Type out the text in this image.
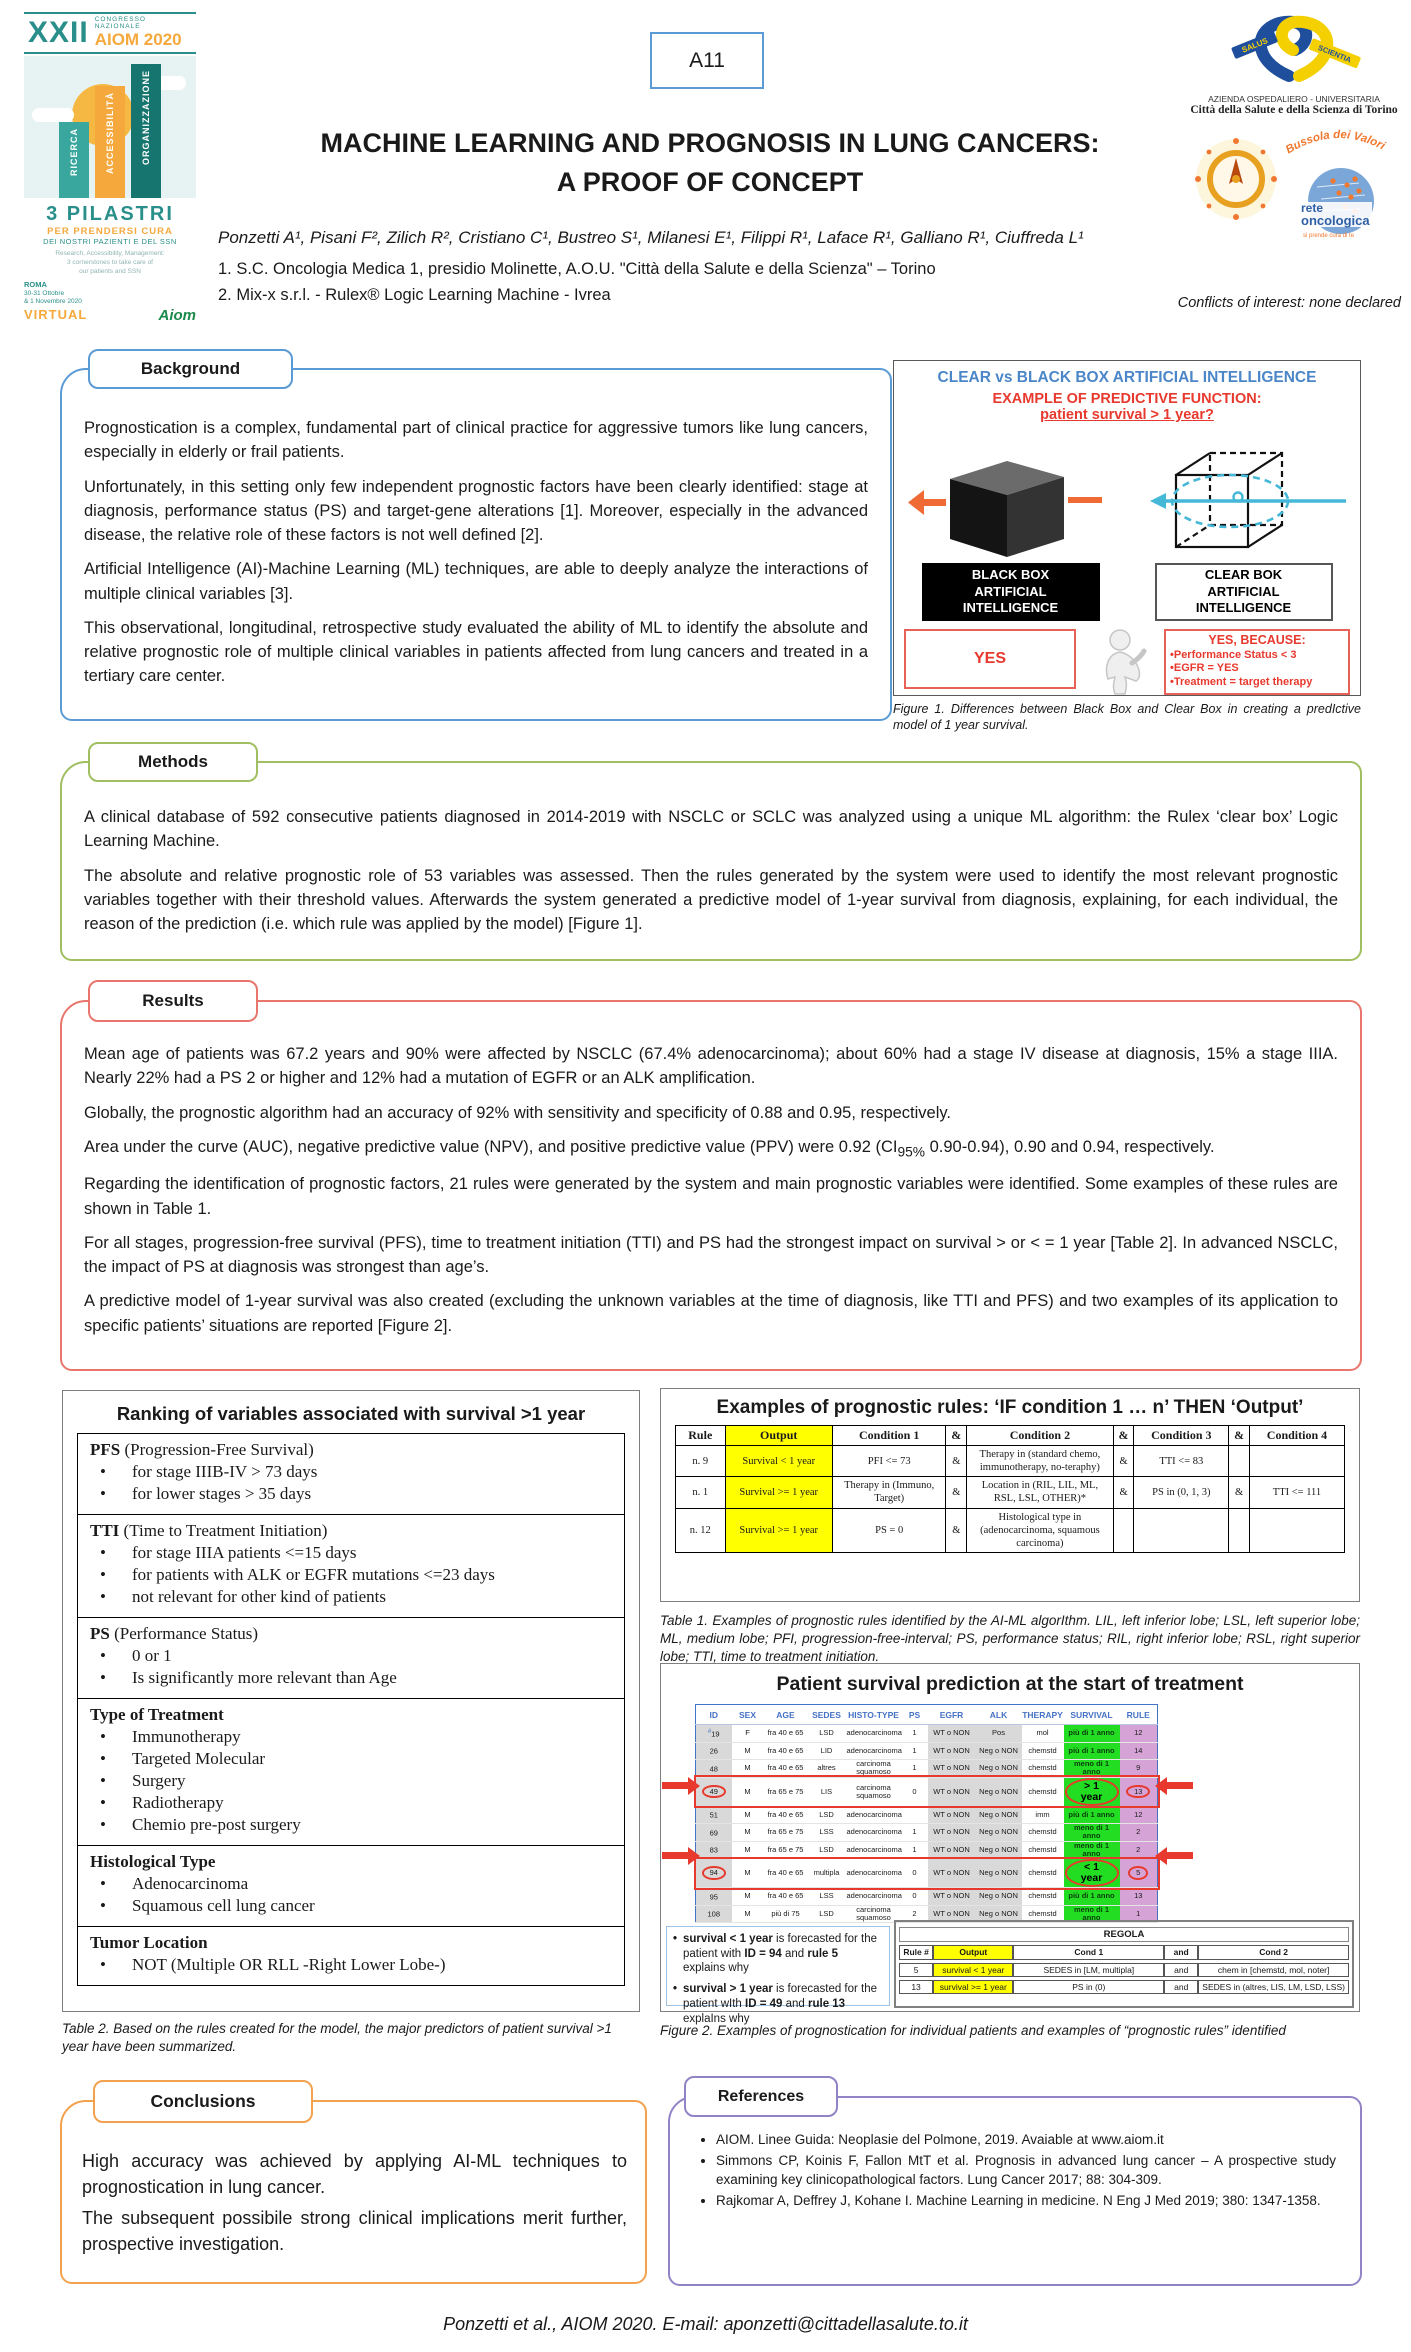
A11
MACHINE LEARNING AND PROGNOSIS IN LUNG CANCERS:
A PROOF OF CONCEPT
Ponzetti A¹, Pisani F², Zilich R², Cristiano C¹, Bustreo S¹, Milanesi E¹, Filippi R¹, Laface R¹, Galliano R¹, Ciuffreda L¹
1. S.C. Oncologia Medica 1, presidio Molinette, A.O.U. "Città della Salute e della Scienza" – Torino
2. Mix-x s.r.l. - Rulex® Logic Learning Machine - Ivrea	Conflicts of interest: none declared
XXII CONGRESSO NAZIONALE
AIOM 2020
RICERCA	ACCESSIBILITÀ	ORGANIZZAZIONE
3 PILASTRI
PER PRENDERSI CURA
DEI NOSTRI PAZIENTI E DEL SSN
Research, Accessibility, Management:
3 cornerstones to take care of
our patients and SSN
ROMA
30-31 Ottobre
& 1 Novembre 2020
VIRTUAL	Aiom
SALUS	SCIENTIA
AZIENDA OSPEDALIERO - UNIVERSITARIA
Città della Salute e della Scienza di Torino
Bussola dei Valori
rete
oncologica
si prende cura di te
Background

Prognostication is a complex, fundamental part of clinical practice for aggressive tumors like lung cancers, especially in elderly or frail patients.

Unfortunately, in this setting only few independent prognostic factors have been clearly identified: stage at diagnosis, performance status (PS) and target-gene alterations [1]. Moreover, especially in the advanced disease, the relative role of these factors is not well defined [2].

Artificial Intelligence (AI)-Machine Learning (ML) techniques, are able to deeply analyze the interactions of multiple clinical variables [3].

This observational, longitudinal, retrospective study evaluated the ability of ML to identify the absolute and relative prognostic role of multiple clinical variables in patients affected from lung cancers and treated in a tertiary care center.

CLEAR vs BLACK BOX ARTIFICIAL INTELLIGENCE
EXAMPLE OF PREDICTIVE FUNCTION:
patient survival > 1 year?
BLACK BOX ARTIFICIAL INTELLIGENCE
CLEAR BOK ARTIFICIAL INTELLIGENCE
YES
YES, BECAUSE:
•Performance Status < 3
•EGFR = YES
•Treatment = target therapy
Figure 1. Differences between Black Box and Clear Box in creating a predIctive model of 1 year survival.
Methods

A clinical database of 592 consecutive patients diagnosed in 2014-2019 with NSCLC or SCLC was analyzed using a unique ML algorithm: the Rulex ‘clear box’ Logic Learning Machine.

The absolute and relative prognostic role of 53 variables was assessed. Then the rules generated by the system were used to identify the most relevant prognostic variables together with their threshold values. Afterwards the system generated a predictive model of 1-year survival from diagnosis, explaining, for each individual, the reason of the prediction (i.e. which rule was applied by the model) [Figure 1].

Results

Mean age of patients was 67.2 years and 90% were affected by NSCLC (67.4% adenocarcinoma); about 60% had a stage IV disease at diagnosis, 15% a stage IIIA. Nearly 22% had a PS 2 or higher and 12% had a mutation of EGFR or an ALK amplification.

Globally, the prognostic algorithm had an accuracy of 92% with sensitivity and specificity of 0.88 and 0.95, respectively.

Area under the curve (AUC), negative predictive value (NPV), and positive predictive value (PPV) were 0.92 ($CI_{95\%}$ 0.90-0.94), 0.90 and 0.94, respectively.

Regarding the identification of prognostic factors, 21 rules were generated by the system and main prognostic variables were identified. Some examples of these rules are shown in Table 1.

For all stages, progression-free survival (PFS), time to treatment initiation (TTI) and PS had the strongest impact on survival > or < = 1 year [Table 2]. In advanced NSCLC, the impact of PS at diagnosis was strongest than age’s.

A predictive model of 1-year survival was also created (excluding the unknown variables at the time of diagnosis, like TTI and PFS) and two examples of its application to specific patients’ situations are reported [Figure 2].

Ranking of variables associated with survival >1 year
PFS (Progression-Free Survival)
• for stage IIIB-IV > 73 days
• for lower stages > 35 days
TTI (Time to Treatment Initiation)
• for stage IIIA patients <=15 days
• for patients with ALK or EGFR mutations <=23 days
• not relevant for other kind of patients
PS (Performance Status)
• 0 or 1
• Is significantly more relevant than Age
Type of Treatment
• Immunotherapy
• Targeted Molecular
• Surgery
• Radiotherapy
• Chemio pre-post surgery
Histological Type
• Adenocarcinoma
• Squamous cell lung cancer
Tumor Location
• NOT (Multiple OR RLL -Right Lower Lobe-)
Table 2. Based on the rules created for the model, the major predictors of patient survival >1 year have been summarized.
Examples of prognostic rules: ‘IF condition 1 … n’ THEN ‘Output’
Rule	Output	Condition 1	&	Condition 2	&	Condition 3	&	Condition 4
n. 9	Survival < 1 year	PFI <= 73	&	Therapy in (standard chemo, immunotherapy, no-teraphy)	&	TTI <= 83		
n. 1	Survival >= 1 year	Therapy in (Immuno, Target)	&	Location in (RIL, LIL, ML, RSL, LSL, OTHER)*	&	PS in (0, 1, 3)	&	TTI <= 111
n. 12	Survival >= 1 year	PS = 0	&	Histological type in (adenocarcinoma, squamous carcinoma)				
Table 1. Examples of prognostic rules identified by the AI-ML algorIthm. LIL, left inferior lobe; LSL, left superior lobe; ML, medium lobe; PFI, progression-free-interval; PS, performance status; RIL, right inferior lobe; RSL, right superior lobe; TTI, time to treatment initiation.
Patient survival prediction at the start of treatment
ID	SEX	AGE	SEDES	HISTO-TYPE	PS	EGFR	ALK	THERAPY	SURVIVAL	RULE
#19	F	fra 40 e 65	LSD	adenocarcinoma	1	WT o NON	Pos	mol	più di 1 anno	12
26	M	fra 40 e 65	LID	adenocarcinoma	1	WT o NON	Neg o NON	chemstd	più di 1 anno	14
48	M	fra 40 e 65	altres	carcinoma squamoso	1	WT o NON	Neg o NON	chemstd	meno di 1 anno	9
49	M	fra 65 e 75	LIS	carcinoma squamoso	0	WT o NON	Neg o NON	chemstd	> 1 year	13
51	M	fra 40 e 65	LSD	adenocarcinoma		WT o NON	Neg o NON	imm	più di 1 anno	12
69	M	fra 65 e 75	LSS	adenocarcinoma	1	WT o NON	Neg o NON	chemstd	meno di 1 anno	2
83	M	fra 65 e 75	LSD	adenocarcinoma	1	WT o NON	Neg o NON	chemstd	meno di 1 anno	2
94	M	fra 40 e 65	multipla	adenocarcinoma	0	WT o NON	Neg o NON	chemstd	< 1 year	5
95	M	fra 40 e 65	LSS	adenocarcinoma	0	WT o NON	Neg o NON	chemstd	più di 1 anno	13
108	M	più di 75	LSD	carcinoma squamoso	2	WT o NON	Neg o NON	chemstd	meno di 1 anno	1
• survival < 1 year is forecasted for the patient with ID = 94 and rule 5 explains why
• survival > 1 year is forecasted for the patient wIth ID = 49 and rule 13 explaIns why
REGOLA				
Rule #	Output	Cond 1	and	Cond 2
5	survival < 1 year	SEDES in [LM, multipla]	and	chem in [chemstd, mol, noter]
13	survival >= 1 year	PS in (0)	and	SEDES in (altres, LIS, LM, LSD, LSS)
Figure 2. Examples of prognostication for individual patients and examples of “prognostic rules” identified
Conclusions

High accuracy was achieved by applying AI-ML techniques to prognostication in lung cancer.

The subsequent possibile strong clinical implications merit further, prospective investigation.

References
• AIOM. Linee Guida: Neoplasie del Polmone, 2019. Avaiable at www.aiom.it
• Simmons CP, Koinis F, Fallon MtT et al. Prognosis in advanced lung cancer – A prospective study examining key clinicopathological factors. Lung Cancer 2017; 88: 304-309.
• Rajkomar A, Deffrey J, Kohane I. Machine Learning in medicine. N Eng J Med 2019; 380: 1347-1358.
Ponzetti et al., AIOM 2020. E-mail: aponzetti@cittadellasalute.to.it
